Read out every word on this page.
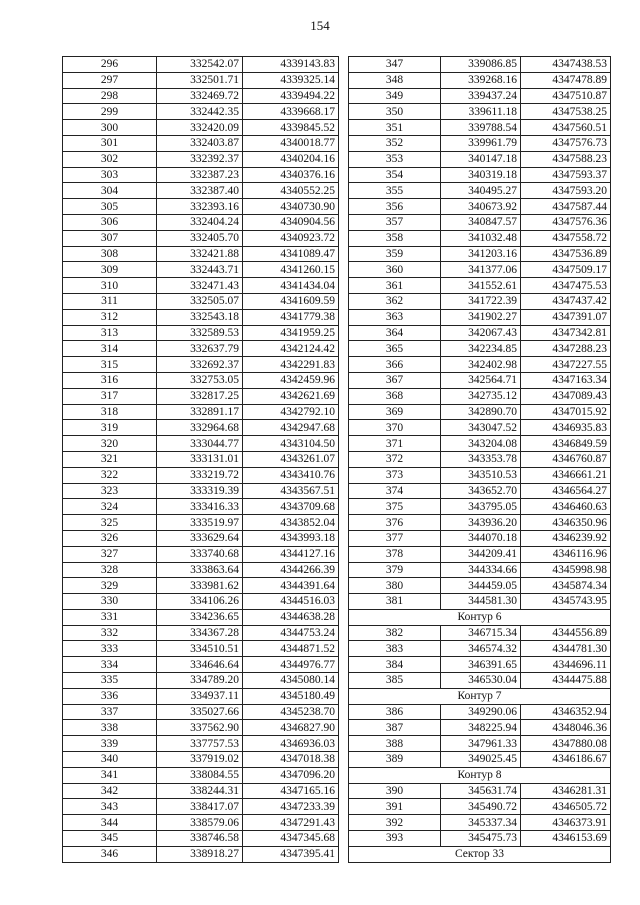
154
296	332542.07	4339143.83
297	332501.71	4339325.14
298	332469.72	4339494.22
299	332442.35	4339668.17
300	332420.09	4339845.52
301	332403.87	4340018.77
302	332392.37	4340204.16
303	332387.23	4340376.16
304	332387.40	4340552.25
305	332393.16	4340730.90
306	332404.24	4340904.56
307	332405.70	4340923.72
308	332421.88	4341089.47
309	332443.71	4341260.15
310	332471.43	4341434.04
311	332505.07	4341609.59
312	332543.18	4341779.38
313	332589.53	4341959.25
314	332637.79	4342124.42
315	332692.37	4342291.83
316	332753.05	4342459.96
317	332817.25	4342621.69
318	332891.17	4342792.10
319	332964.68	4342947.68
320	333044.77	4343104.50
321	333131.01	4343261.07
322	333219.72	4343410.76
323	333319.39	4343567.51
324	333416.33	4343709.68
325	333519.97	4343852.04
326	333629.64	4343993.18
327	333740.68	4344127.16
328	333863.64	4344266.39
329	333981.62	4344391.64
330	334106.26	4344516.03
331	334236.65	4344638.28
332	334367.28	4344753.24
333	334510.51	4344871.52
334	334646.64	4344976.77
335	334789.20	4345080.14
336	334937.11	4345180.49
337	335027.66	4345238.70
338	337562.90	4346827.90
339	337757.53	4346936.03
340	337919.02	4347018.38
341	338084.55	4347096.20
342	338244.31	4347165.16
343	338417.07	4347233.39
344	338579.06	4347291.43
345	338746.58	4347345.68
346	338918.27	4347395.41
347	339086.85	4347438.53
348	339268.16	4347478.89
349	339437.24	4347510.87
350	339611.18	4347538.25
351	339788.54	4347560.51
352	339961.79	4347576.73
353	340147.18	4347588.23
354	340319.18	4347593.37
355	340495.27	4347593.20
356	340673.92	4347587.44
357	340847.57	4347576.36
358	341032.48	4347558.72
359	341203.16	4347536.89
360	341377.06	4347509.17
361	341552.61	4347475.53
362	341722.39	4347437.42
363	341902.27	4347391.07
364	342067.43	4347342.81
365	342234.85	4347288.23
366	342402.98	4347227.55
367	342564.71	4347163.34
368	342735.12	4347089.43
369	342890.70	4347015.92
370	343047.52	4346935.83
371	343204.08	4346849.59
372	343353.78	4346760.87
373	343510.53	4346661.21
374	343652.70	4346564.27
375	343795.05	4346460.63
376	343936.20	4346350.96
377	344070.18	4346239.92
378	344209.41	4346116.96
379	344334.66	4345998.98
380	344459.05	4345874.34
381	344581.30	4345743.95
Контур 6		
382	346715.34	4344556.89
383	346574.32	4344781.30
384	346391.65	4344696.11
385	346530.04	4344475.88
Контур 7		
386	349290.06	4346352.94
387	348225.94	4348046.36
388	347961.33	4347880.08
389	349025.45	4346186.67
Контур 8		
390	345631.74	4346281.31
391	345490.72	4346505.72
392	345337.34	4346373.91
393	345475.73	4346153.69
Сектор 33		
